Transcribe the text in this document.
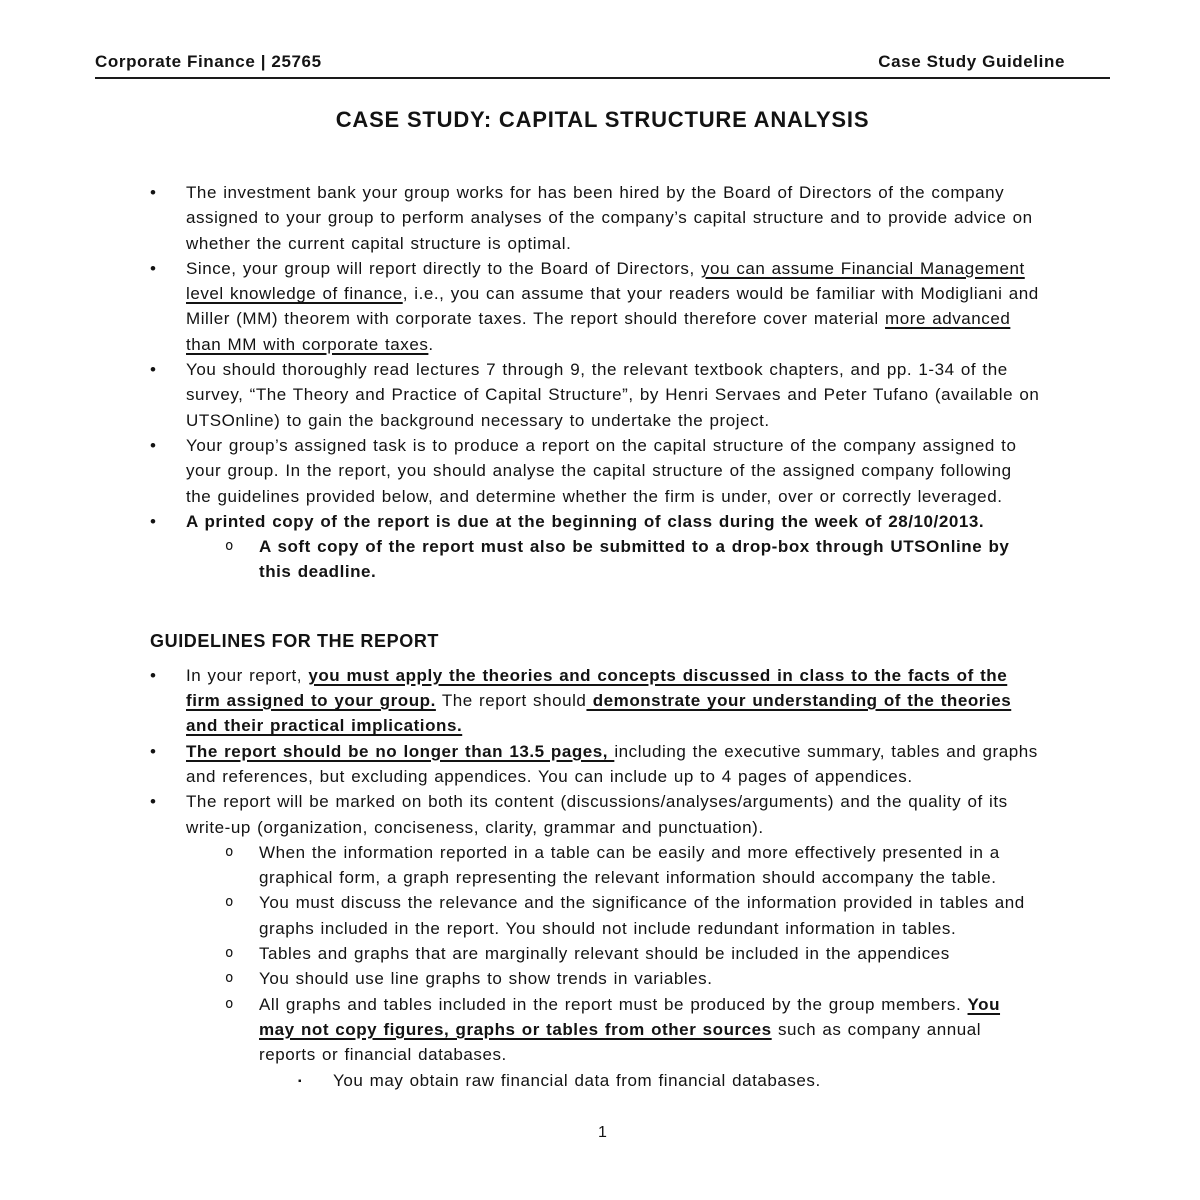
Corporate Finance | 25765	Case Study Guideline
CASE STUDY: CAPITAL STRUCTURE ANALYSIS
• The investment bank your group works for has been hired by the Board of Directors of the company assigned to your group to perform analyses of the company’s capital structure and to provide advice on whether the current capital structure is optimal.
• Since, your group will report directly to the Board of Directors, you can assume Financial Management level knowledge of finance, i.e., you can assume that your readers would be familiar with Modigliani and Miller (MM) theorem with corporate taxes. The report should therefore cover material more advanced than MM with corporate taxes.
• You should thoroughly read lectures 7 through 9, the relevant textbook chapters, and pp. 1-34 of the survey, “The Theory and Practice of Capital Structure”, by Henri Servaes and Peter Tufano (available on UTSOnline) to gain the background necessary to undertake the project.
• Your group’s assigned task is to produce a report on the capital structure of the company assigned to your group. In the report, you should analyse the capital structure of the assigned company following the guidelines provided below, and determine whether the firm is under, over or correctly leveraged.
• A printed copy of the report is due at the beginning of class during the week of 28/10/2013.
o A soft copy of the report must also be submitted to a drop-box through UTSOnline by this deadline.
GUIDELINES FOR THE REPORT
• In your report, you must apply the theories and concepts discussed in class to the facts of the firm assigned to your group. The report should demonstrate your understanding of the theories and their practical implications.
• The report should be no longer than 13.5 pages, including the executive summary, tables and graphs and references, but excluding appendices. You can include up to 4 pages of appendices.
• The report will be marked on both its content (discussions/analyses/arguments) and the quality of its write-up (organization, conciseness, clarity, grammar and punctuation).
o When the information reported in a table can be easily and more effectively presented in a graphical form, a graph representing the relevant information should accompany the table.
o You must discuss the relevance and the significance of the information provided in tables and graphs included in the report. You should not include redundant information in tables.
o Tables and graphs that are marginally relevant should be included in the appendices
o You should use line graphs to show trends in variables.
o All graphs and tables included in the report must be produced by the group members. You may not copy figures, graphs or tables from other sources such as company annual reports or financial databases.
▪ You may obtain raw financial data from financial databases.
1
